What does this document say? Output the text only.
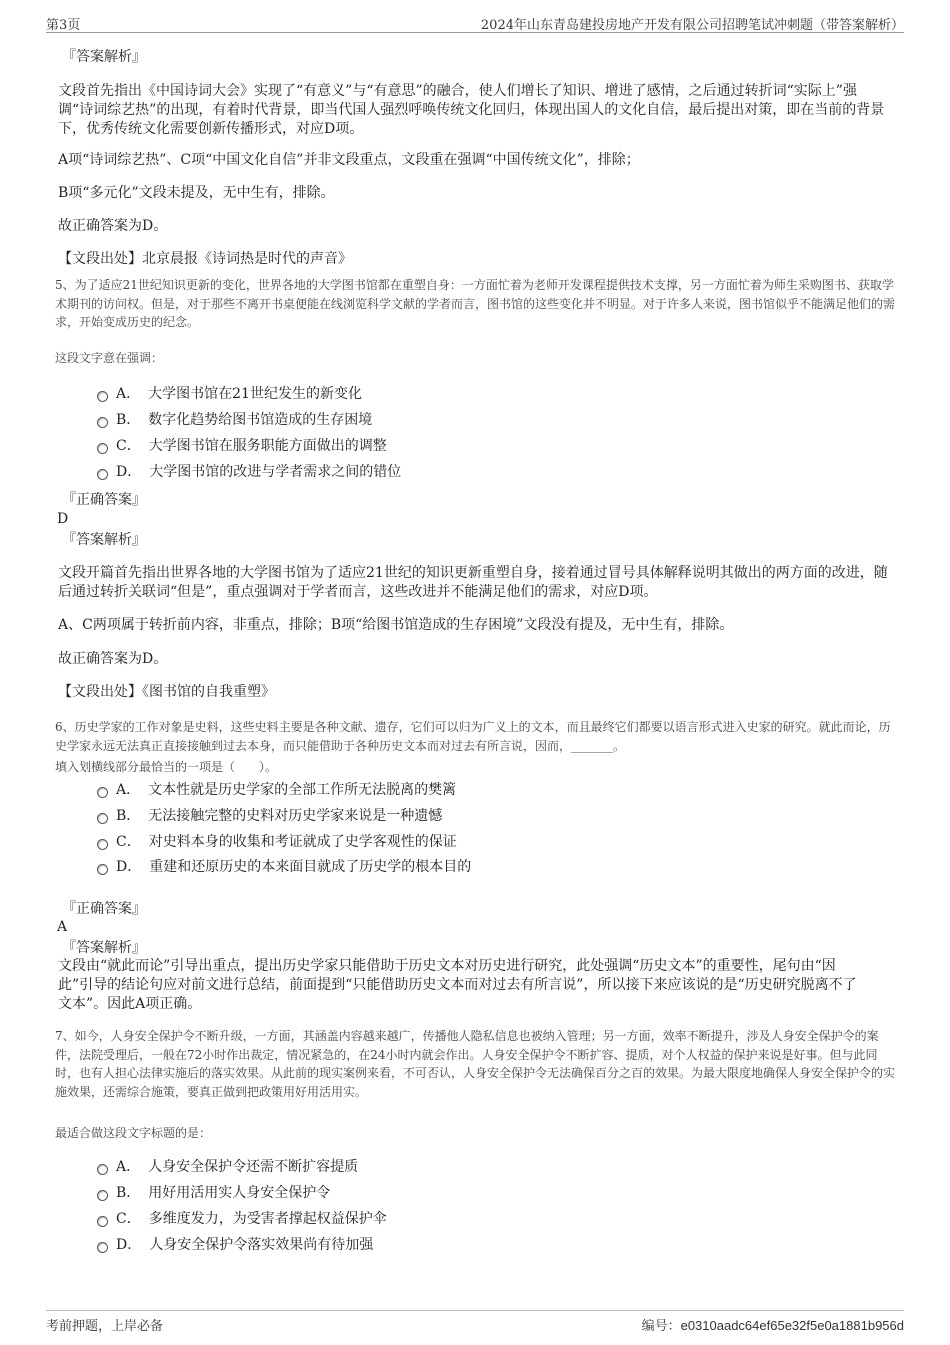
第3页	2024年山东青岛建投房地产开发有限公司招聘笔试冲刺题（带答案解析）
『答案解析』
文段首先指出《中国诗词大会》实现了“有意义”与“有意思”的融合，使人们增长了知识、增进了感情，之后通过转折词“实际上”强调“诗词综艺热”的出现，有着时代背景，即当代国人强烈呼唤传统文化回归，体现出国人的文化自信，最后提出对策，即在当前的背景下，优秀传统文化需要创新传播形式，对应D项。
A项“诗词综艺热”、C项“中国文化自信”并非文段重点，文段重在强调“中国传统文化”，排除；
B项“多元化”文段未提及，无中生有，排除。
故正确答案为D。
【文段出处】北京晨报《诗词热是时代的声音》
5、为了适应21世纪知识更新的变化，世界各地的大学图书馆都在重塑自身：一方面忙着为老师开发课程提供技术支撑，另一方面忙着为师生采购图书、获取学术期刊的访问权。但是，对于那些不离开书桌便能在线浏览科学文献的学者而言，图书馆的这些变化并不明显。对于许多人来说，图书馆似乎不能满足他们的需求，开始变成历史的纪念。
这段文字意在强调：
A． 大学图书馆在21世纪发生的新变化
B． 数字化趋势给图书馆造成的生存困境
C． 大学图书馆在服务职能方面做出的调整
D． 大学图书馆的改进与学者需求之间的错位
『正确答案』
D
『答案解析』
文段开篇首先指出世界各地的大学图书馆为了适应21世纪的知识更新重塑自身，接着通过冒号具体解释说明其做出的两方面的改进，随后通过转折关联词“但是”，重点强调对于学者而言，这些改进并不能满足他们的需求，对应D项。
A、C两项属于转折前内容，非重点，排除；B项“给图书馆造成的生存困境”文段没有提及，无中生有，排除。
故正确答案为D。
【文段出处】《图书馆的自我重塑》
6、历史学家的工作对象是史料，这些史料主要是各种文献、遗存，它们可以归为广义上的文本，而且最终它们都要以语言形式进入史家的研究。就此而论，历史学家永远无法真正直接接触到过去本身，而只能借助于各种历史文本而对过去有所言说，因而，_______。
填入划横线部分最恰当的一项是（　　）。
A． 文本性就是历史学家的全部工作所无法脱离的樊篱
B． 无法接触完整的史料对历史学家来说是一种遗憾
C． 对史料本身的收集和考证就成了史学客观性的保证
D． 重建和还原历史的本来面目就成了历史学的根本目的
『正确答案』
A
『答案解析』
文段由“就此而论”引导出重点，提出历史学家只能借助于历史文本对历史进行研究，此处强调“历史文本”的重要性，尾句由“因此”引导的结论句应对前文进行总结，前面提到“只能借助历史文本而对过去有所言说”，所以接下来应该说的是“历史研究脱离不了文本”。因此A项正确。
7、如今，人身安全保护令不断升级，一方面，其涵盖内容越来越广，传播他人隐私信息也被纳入管理；另一方面，效率不断提升，涉及人身安全保护令的案件，法院受理后，一般在72小时作出裁定，情况紧急的，在24小时内就会作出。人身安全保护令不断扩容、提质，对个人权益的保护来说是好事。但与此同时，也有人担心法律实施后的落实效果。从此前的现实案例来看，不可否认，人身安全保护令无法确保百分之百的效果。为最大限度地确保人身安全保护令的实施效果，还需综合施策，要真正做到把政策用好用活用实。
最适合做这段文字标题的是：
A． 人身安全保护令还需不断扩容提质
B． 用好用活用实人身安全保护令
C． 多维度发力，为受害者撑起权益保护伞
D． 人身安全保护令落实效果尚有待加强
考前押题，上岸必备	编号：e0310aadc64ef65e32f5e0a1881b956d
